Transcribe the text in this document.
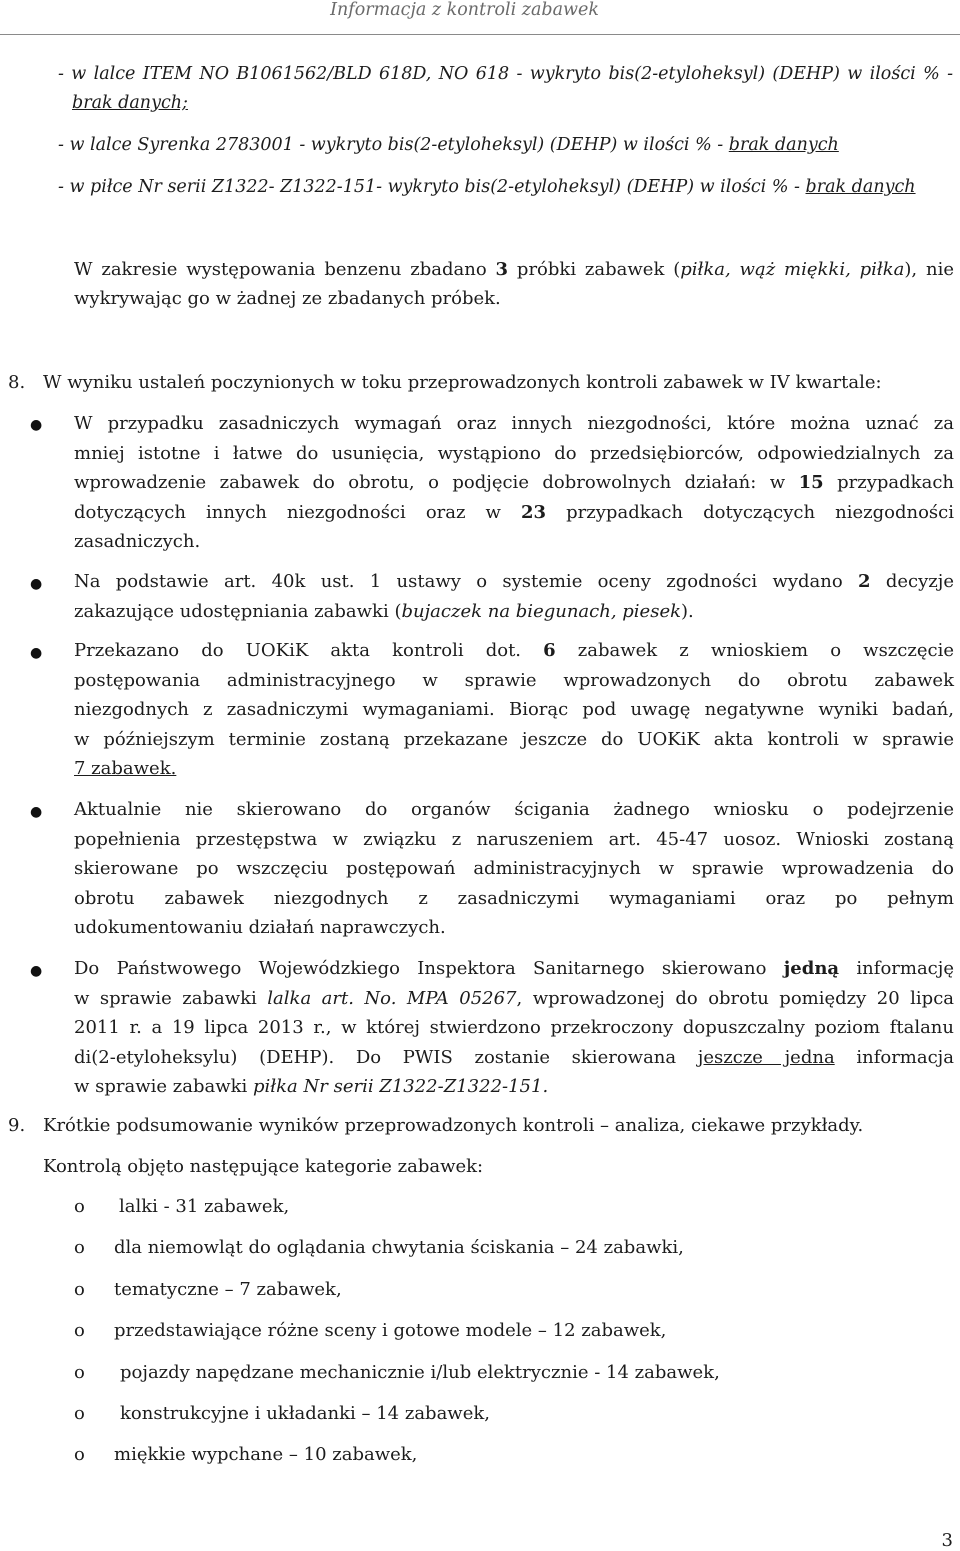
Informacja z kontroli zabawek
- w lalce ITEM NO B1061562/BLD 618D, NO 618 - wykryto bis(2-etyloheksyl) (DEHP) w ilości % -
brak danych;
- w lalce Syrenka 2783001 - wykryto bis(2-etyloheksyl) (DEHP) w ilości % - brak danych
- w piłce Nr serii Z1322- Z1322-151- wykryto bis(2-etyloheksyl) (DEHP) w ilości % - brak danych
W zakresie występowania benzenu zbadano 3 próbki zabawek (piłka, wąż miękki, piłka), nie
wykrywając go w żadnej ze zbadanych próbek.
8. W wyniku ustaleń poczynionych w toku przeprowadzonych kontroli zabawek w IV kwartale:
● W przypadku zasadniczych wymagań oraz innych niezgodności, które można uznać za
mniej istotne i łatwe do usunięcia, wystąpiono do przedsiębiorców, odpowiedzialnych za
wprowadzenie zabawek do obrotu, o podjęcie dobrowolnych działań: w 15 przypadkach
dotyczących innych niezgodności oraz w 23 przypadkach dotyczących niezgodności
zasadniczych.
● Na podstawie art. 40k ust. 1 ustawy o systemie oceny zgodności wydano 2 decyzje
zakazujące udostępniania zabawki (bujaczek na biegunach, piesek).
● Przekazano do UOKiK akta kontroli dot. 6 zabawek z wnioskiem o wszczęcie
postępowania administracyjnego w sprawie wprowadzonych do obrotu zabawek
niezgodnych z zasadniczymi wymaganiami. Biorąc pod uwagę negatywne wyniki badań,
w późniejszym terminie zostaną przekazane jeszcze do UOKiK akta kontroli w sprawie
7 zabawek.
● Aktualnie nie skierowano do organów ścigania żadnego wniosku o podejrzenie
popełnienia przestępstwa w związku z naruszeniem art. 45-47 uosoz. Wnioski zostaną
skierowane po wszczęciu postępowań administracyjnych w sprawie wprowadzenia do
obrotu zabawek niezgodnych z zasadniczymi wymaganiami oraz po pełnym
udokumentowaniu działań naprawczych.
● Do Państwowego Wojewódzkiego Inspektora Sanitarnego skierowano jedną informację
w sprawie zabawki lalka art. No. MPA 05267, wprowadzonej do obrotu pomiędzy 20 lipca
2011 r. a 19 lipca 2013 r., w której stwierdzono przekroczony dopuszczalny poziom ftalanu
di(2-etyloheksylu) (DEHP). Do PWIS zostanie skierowana jeszcze jedna informacja
w sprawie zabawki piłka Nr serii Z1322-Z1322-151.
9. Krótkie podsumowanie wyników przeprowadzonych kontroli – analiza, ciekawe przykłady.
Kontrolą objęto następujące kategorie zabawek:
o lalki - 31 zabawek,
o dla niemowląt do oglądania chwytania ściskania – 24 zabawki,
o tematyczne – 7 zabawek,
o przedstawiające różne sceny i gotowe modele – 12 zabawek,
o pojazdy napędzane mechanicznie i/lub elektrycznie - 14 zabawek,
o konstrukcyjne i układanki – 14 zabawek,
o miękkie wypchane – 10 zabawek,
3
